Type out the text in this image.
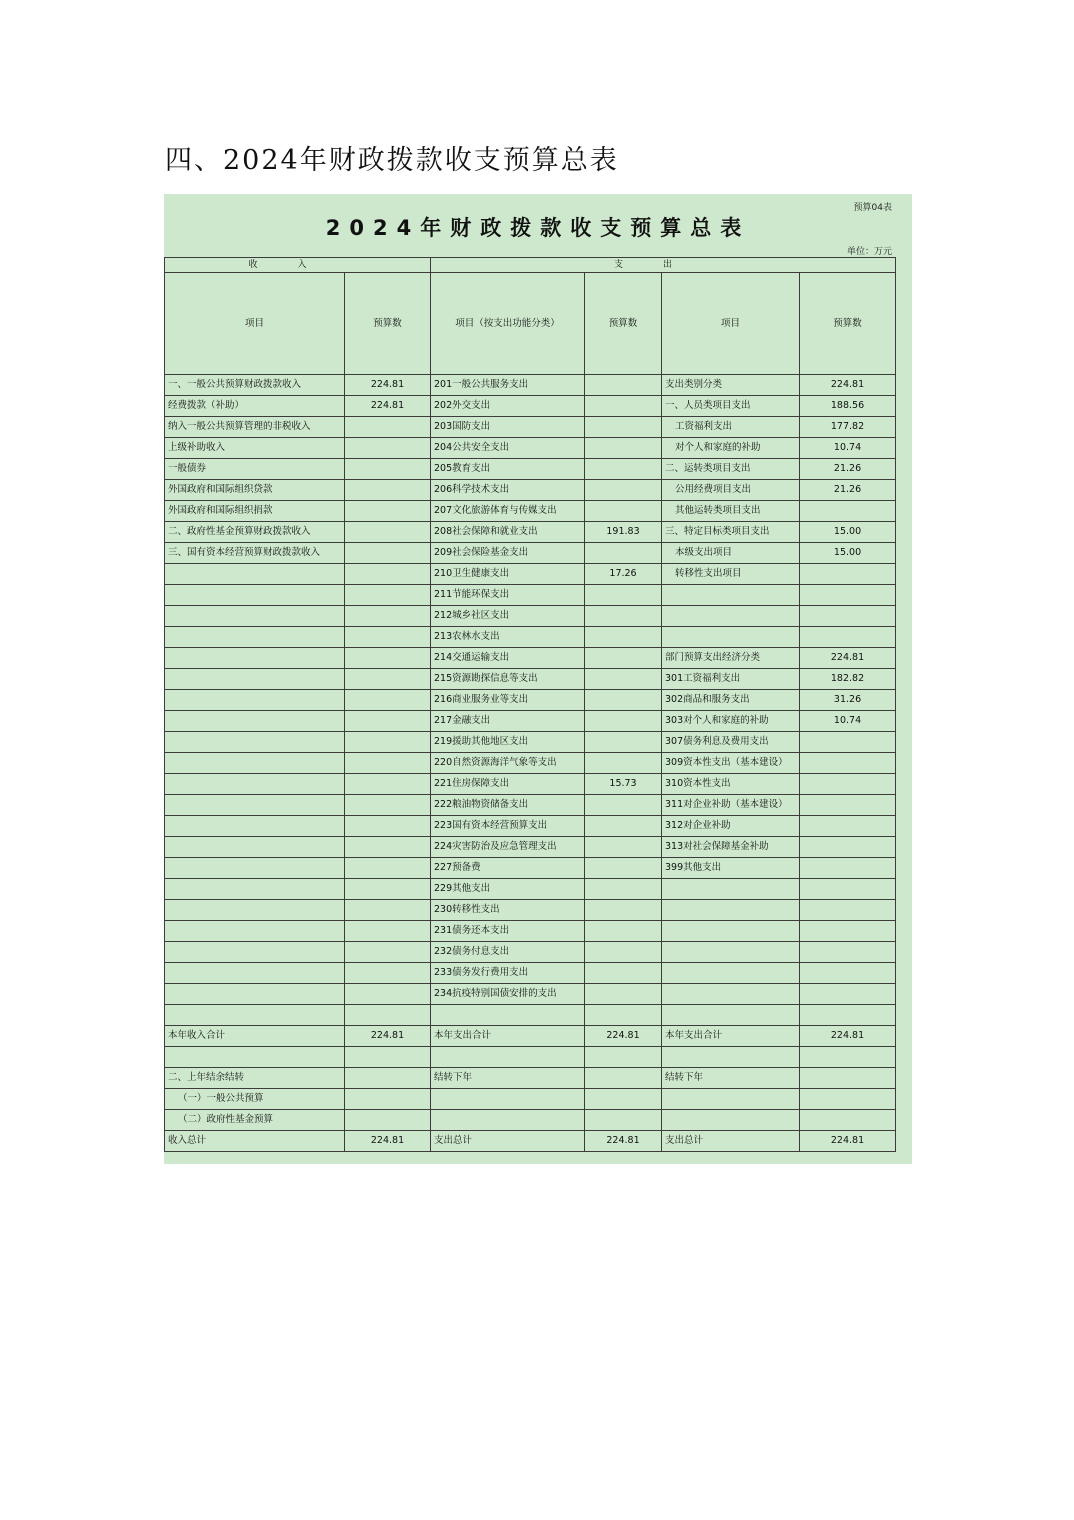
四、2024年财政拨款收支预算总表
预算04表
2024年财政拨款收支预算总表
单位：万元
收入		支出			
项目	预算数	项目（按支出功能分类）	预算数	项目	预算数
一、一般公共预算财政拨款收入	224.81	201一般公共服务支出		支出类别分类	224.81
经费拨款（补助）	224.81	202外交支出		一、人员类项目支出	188.56
纳入一般公共预算管理的非税收入		203国防支出		工资福利支出	177.82
上级补助收入		204公共安全支出		对个人和家庭的补助	10.74
一般债券		205教育支出		二、运转类项目支出	21.26
外国政府和国际组织贷款		206科学技术支出		公用经费项目支出	21.26
外国政府和国际组织捐款		207文化旅游体育与传媒支出		其他运转类项目支出	
二、政府性基金预算财政拨款收入		208社会保障和就业支出	191.83	三、特定目标类项目支出	15.00
三、国有资本经营预算财政拨款收入		209社会保险基金支出		本级支出项目	15.00
		210卫生健康支出	17.26	转移性支出项目	
		211节能环保支出			
		212城乡社区支出			
		213农林水支出			
		214交通运输支出		部门预算支出经济分类	224.81
		215资源勘探信息等支出		301工资福利支出	182.82
		216商业服务业等支出		302商品和服务支出	31.26
		217金融支出		303对个人和家庭的补助	10.74
		219援助其他地区支出		307债务利息及费用支出	
		220自然资源海洋气象等支出		309资本性支出（基本建设）	
		221住房保障支出	15.73	310资本性支出	
		222粮油物资储备支出		311对企业补助（基本建设）	
		223国有资本经营预算支出		312对企业补助	
		224灾害防治及应急管理支出		313对社会保障基金补助	
		227预备费		399其他支出	
		229其他支出			
		230转移性支出			
		231债务还本支出			
		232债务付息支出			
		233债务发行费用支出			
		234抗疫特别国债安排的支出			

本年收入合计	224.81	本年支出合计	224.81	本年支出合计	224.81

二、上年结余结转		结转下年		结转下年	
（一）一般公共预算					
（二）政府性基金预算					
收入总计	224.81	支出总计	224.81	支出总计	224.81
